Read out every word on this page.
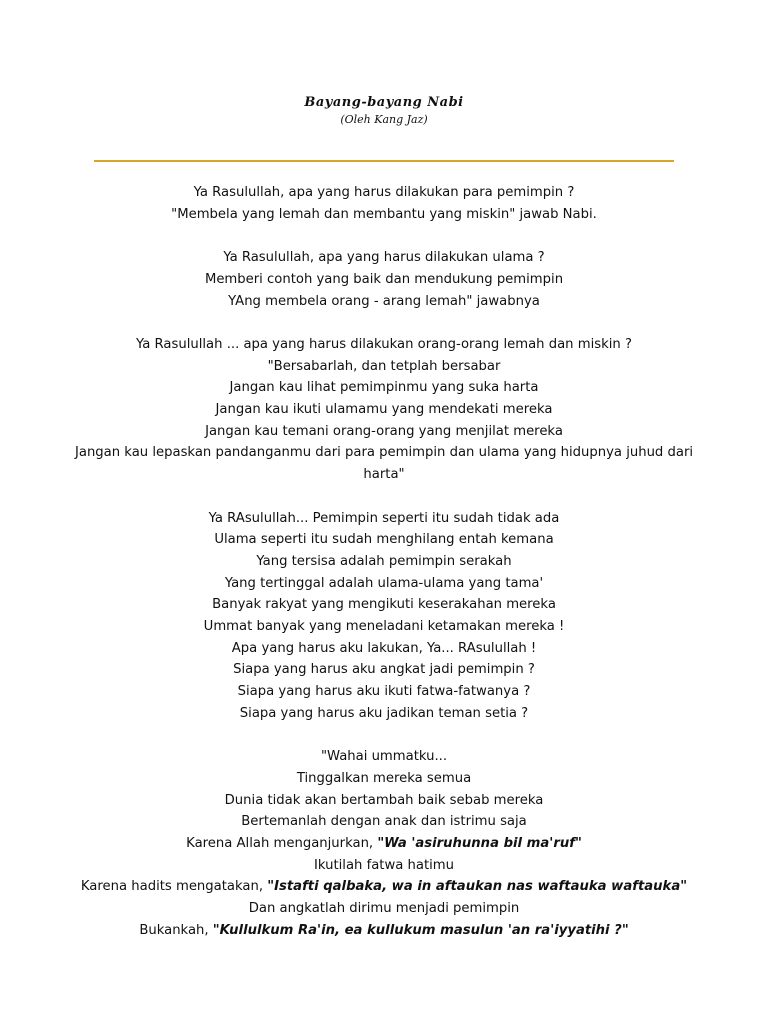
Bayang-bayang Nabi
(Oleh Kang Jaz)
Ya Rasulullah, apa yang harus dilakukan para pemimpin ?
"Membela yang lemah dan membantu yang miskin" jawab Nabi.
Ya Rasulullah, apa yang harus dilakukan ulama ?
Memberi contoh yang baik dan mendukung pemimpin
YAng membela orang - arang lemah" jawabnya
Ya Rasulullah ... apa yang harus dilakukan orang-orang lemah dan miskin ?
"Bersabarlah, dan tetplah bersabar
Jangan kau lihat pemimpinmu yang suka harta
Jangan kau ikuti ulamamu yang mendekati mereka
Jangan kau temani orang-orang yang menjilat mereka
Jangan kau lepaskan pandanganmu dari para pemimpin dan ulama yang hidupnya juhud dari harta"
Ya RAsulullah... Pemimpin seperti itu sudah tidak ada
Ulama seperti itu sudah menghilang entah kemana
Yang tersisa adalah pemimpin serakah
Yang tertinggal adalah ulama-ulama yang tama'
Banyak rakyat yang mengikuti keserakahan mereka
Ummat banyak yang meneladani ketamakan mereka !
Apa yang harus aku lakukan, Ya... RAsulullah !
Siapa yang harus aku angkat jadi pemimpin ?
Siapa yang harus aku ikuti fatwa-fatwanya ?
Siapa yang harus aku jadikan teman setia ?
"Wahai ummatku...
Tinggalkan mereka semua
Dunia tidak akan bertambah baik sebab mereka
Bertemanlah dengan anak dan istrimu saja
Karena Allah menganjurkan, "Wa 'asiruhunna bil ma'ruf"
Ikutilah fatwa hatimu
Karena hadits mengatakan, "Istafti qalbaka, wa in aftaukan nas waftauka waftauka"
Dan angkatlah dirimu menjadi pemimpin
Bukankah, "Kullulkum Ra'in, ea kullukum masulun 'an ra'iyyatihi ?"
